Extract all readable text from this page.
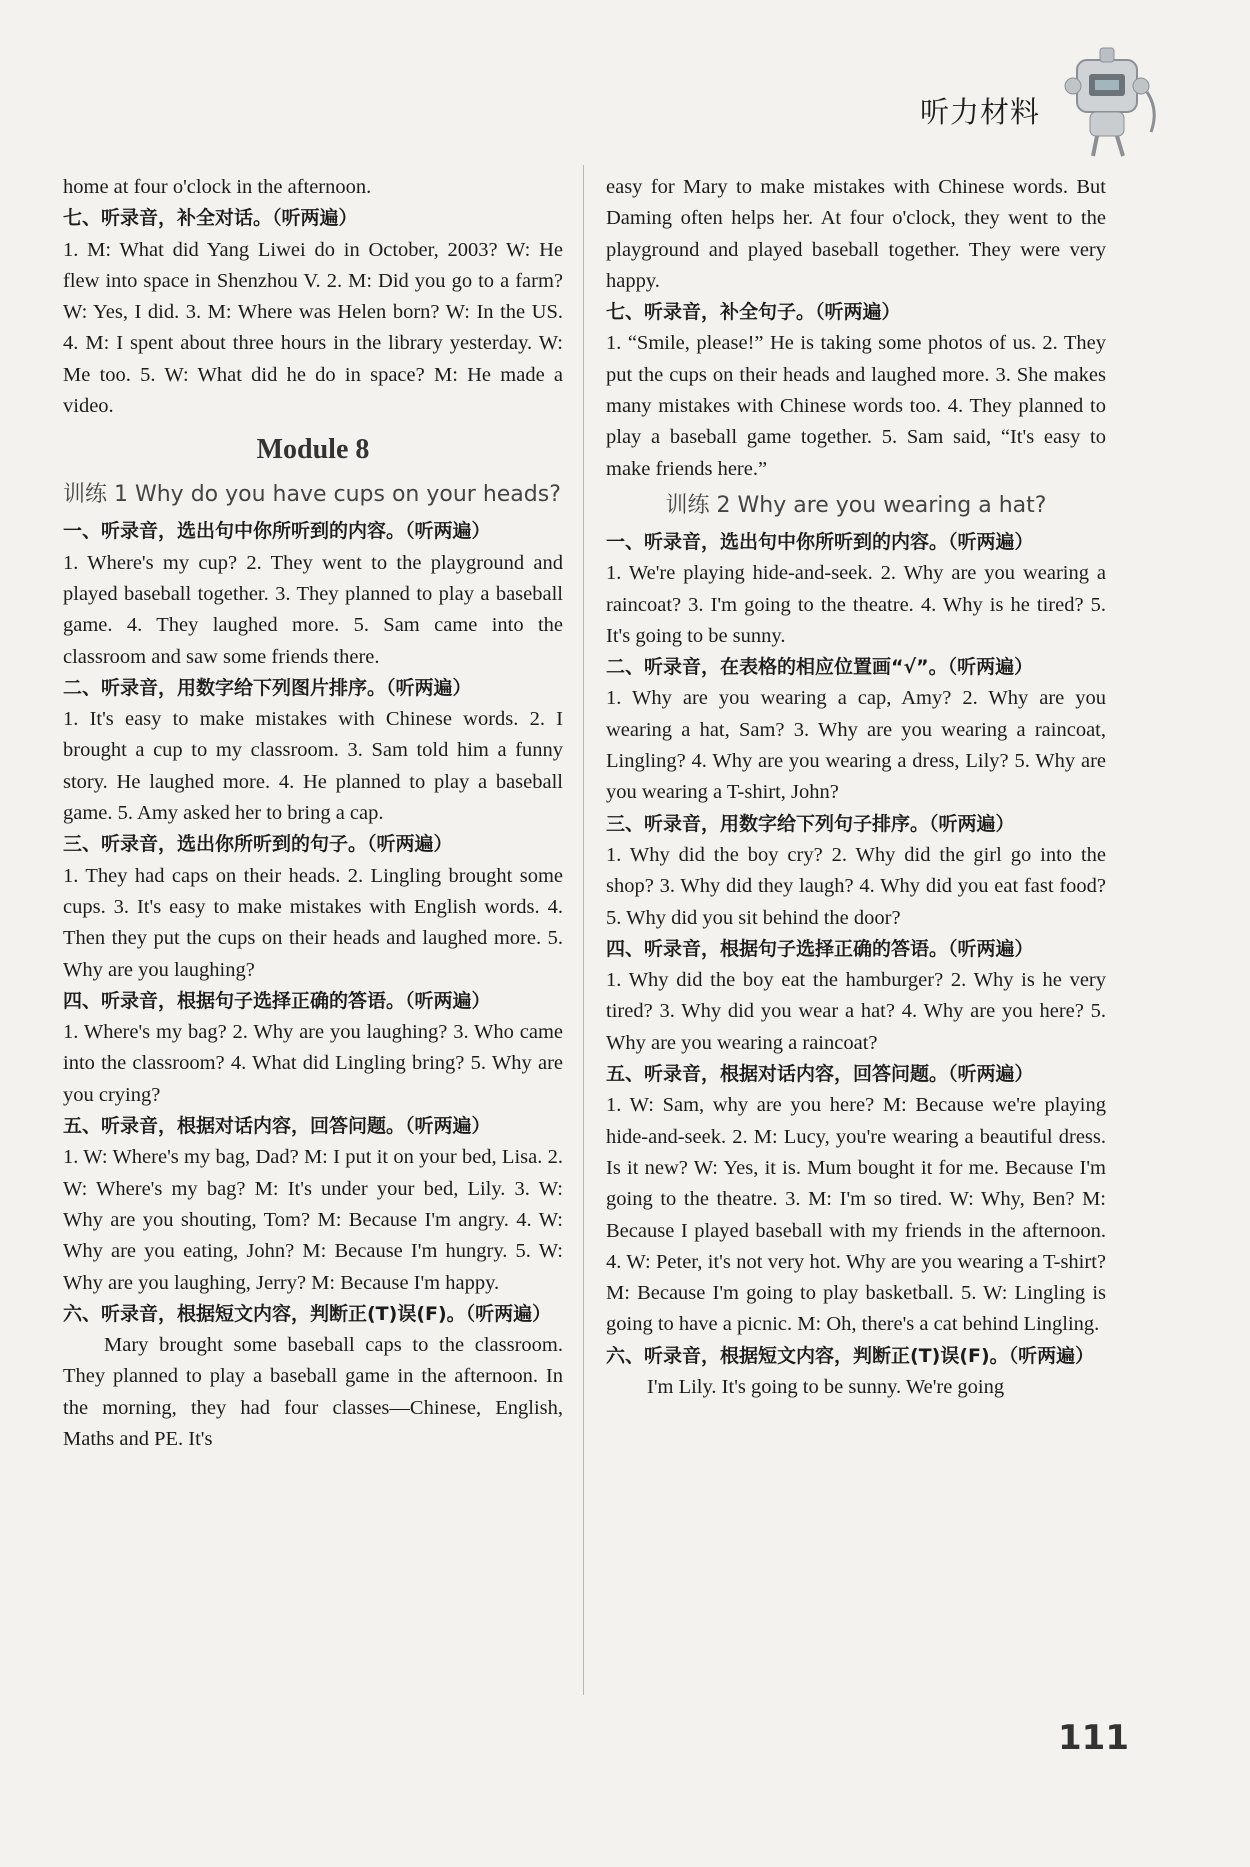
听力材料

home at four o'clock in the afternoon.

七、听录音，补全对话。（听两遍）

1. M: What did Yang Liwei do in October, 2003? W: He flew into space in Shenzhou V. 2. M: Did you go to a farm? W: Yes, I did. 3. M: Where was Helen born? W: In the US. 4. M: I spent about three hours in the library yesterday. W: Me too. 5. W: What did he do in space? M: He made a video.

Module 8
训练 1 Why do you have cups on your heads?

一、听录音，选出句中你所听到的内容。（听两遍）

1. Where's my cup? 2. They went to the playground and played baseball together. 3. They planned to play a baseball game. 4. They laughed more. 5. Sam came into the classroom and saw some friends there.

二、听录音，用数字给下列图片排序。（听两遍）

1. It's easy to make mistakes with Chinese words. 2. I brought a cup to my classroom. 3. Sam told him a funny story. He laughed more. 4. He planned to play a baseball game. 5. Amy asked her to bring a cap.

三、听录音，选出你所听到的句子。（听两遍）

1. They had caps on their heads. 2. Lingling brought some cups. 3. It's easy to make mistakes with English words. 4. Then they put the cups on their heads and laughed more. 5. Why are you laughing?

四、听录音，根据句子选择正确的答语。（听两遍）

1. Where's my bag? 2. Why are you laughing? 3. Who came into the classroom? 4. What did Lingling bring? 5. Why are you crying?

五、听录音，根据对话内容，回答问题。（听两遍）

1. W: Where's my bag, Dad? M: I put it on your bed, Lisa. 2. W: Where's my bag? M: It's under your bed, Lily. 3. W: Why are you shouting, Tom? M: Because I'm angry. 4. W: Why are you eating, John? M: Because I'm hungry. 5. W: Why are you laughing, Jerry? M: Because I'm happy.

六、听录音，根据短文内容，判断正(T)误(F)。（听两遍）

Mary brought some baseball caps to the classroom. They planned to play a baseball game in the afternoon. In the morning, they had four classes—Chinese, English, Maths and PE. It's

easy for Mary to make mistakes with Chinese words. But Daming often helps her. At four o'clock, they went to the playground and played baseball together. They were very happy.

七、听录音，补全句子。（听两遍）

1. “Smile, please!” He is taking some photos of us. 2. They put the cups on their heads and laughed more. 3. She makes many mistakes with Chinese words too. 4. They planned to play a baseball game together. 5. Sam said, “It's easy to make friends here.”

训练 2 Why are you wearing a hat?

一、听录音，选出句中你所听到的内容。（听两遍）

1. We're playing hide-and-seek. 2. Why are you wearing a raincoat? 3. I'm going to the theatre. 4. Why is he tired? 5. It's going to be sunny.

二、听录音，在表格的相应位置画“√”。（听两遍）

1. Why are you wearing a cap, Amy? 2. Why are you wearing a hat, Sam? 3. Why are you wearing a raincoat, Lingling? 4. Why are you wearing a dress, Lily? 5. Why are you wearing a T-shirt, John?

三、听录音，用数字给下列句子排序。（听两遍）

1. Why did the boy cry? 2. Why did the girl go into the shop? 3. Why did they laugh? 4. Why did you eat fast food? 5. Why did you sit behind the door?

四、听录音，根据句子选择正确的答语。（听两遍）

1. Why did the boy eat the hamburger? 2. Why is he very tired? 3. Why did you wear a hat? 4. Why are you here? 5. Why are you wearing a raincoat?

五、听录音，根据对话内容，回答问题。（听两遍）

1. W: Sam, why are you here? M: Because we're playing hide-and-seek. 2. M: Lucy, you're wearing a beautiful dress. Is it new? W: Yes, it is. Mum bought it for me. Because I'm going to the theatre. 3. M: I'm so tired. W: Why, Ben? M: Because I played baseball with my friends in the afternoon. 4. W: Peter, it's not very hot. Why are you wearing a T-shirt? M: Because I'm going to play basketball. 5. W: Lingling is going to have a picnic. M: Oh, there's a cat behind Lingling.

六、听录音，根据短文内容，判断正(T)误(F)。（听两遍）

I'm Lily. It's going to be sunny. We're going

111
